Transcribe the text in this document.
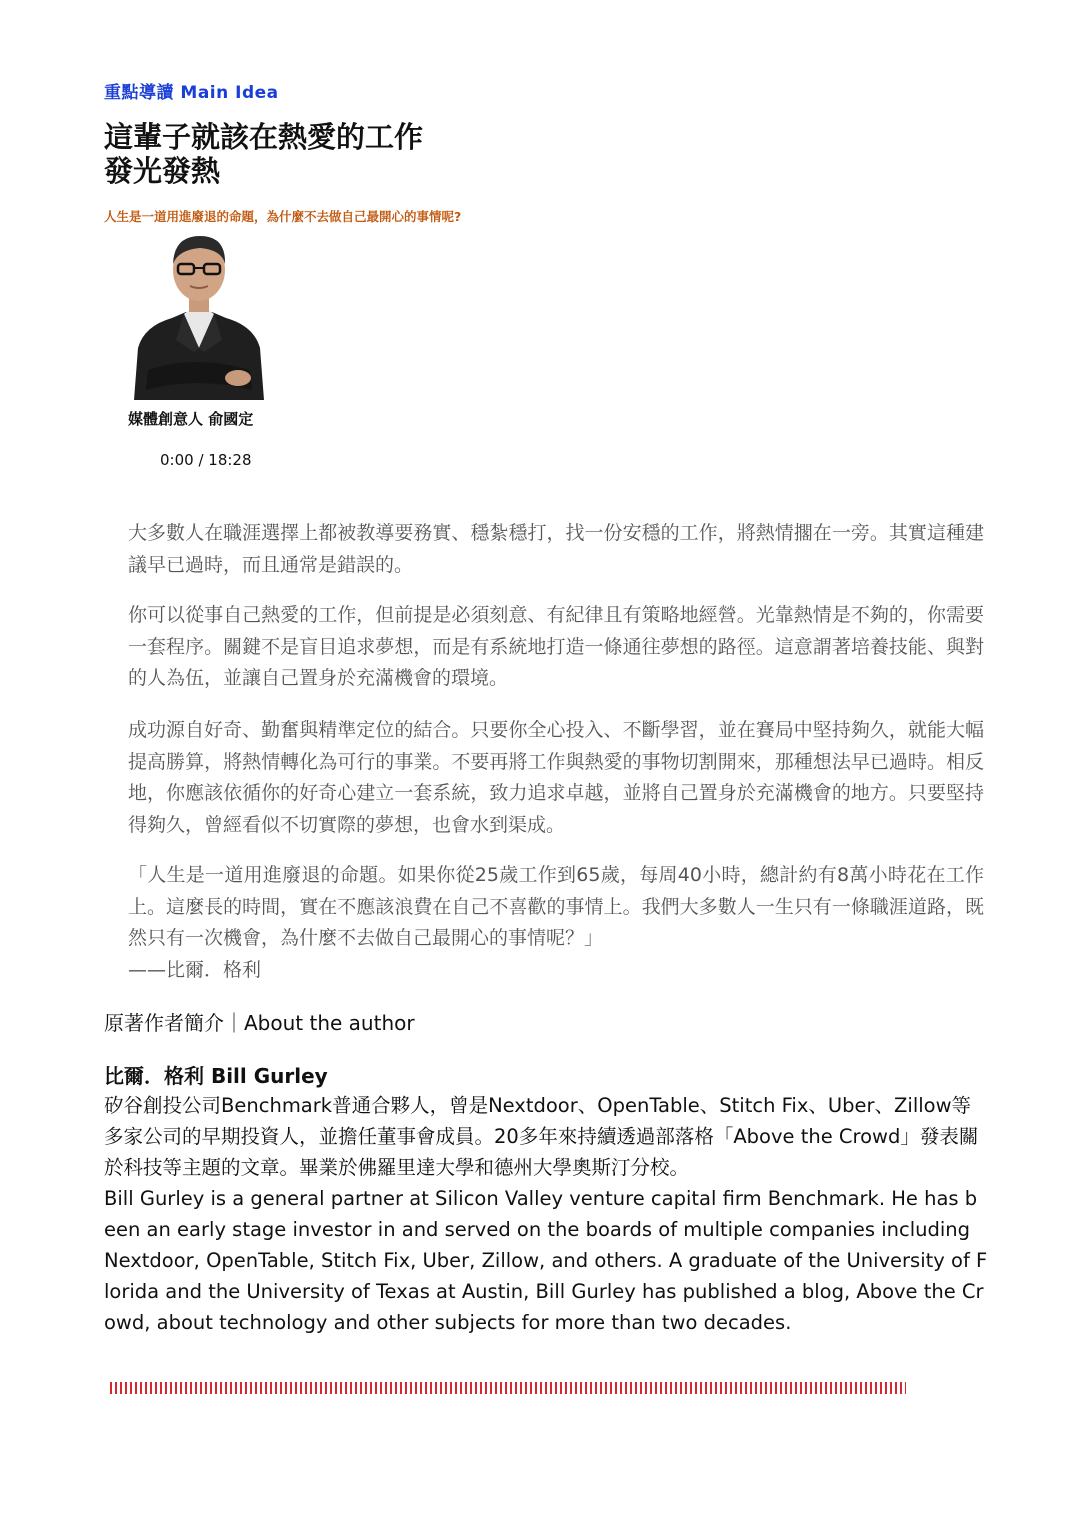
重點導讀 Main Idea
這輩子就該在熱愛的工作
發光發熱
人生是一道用進廢退的命題，為什麼不去做自己最開心的事情呢?
媒體創意人 俞國定
0:00 / 18:28

大多數人在職涯選擇上都被教導要務實、穩紮穩打，找一份安穩的工作，將熱情擱在一旁。其實這種建議早已過時，而且通常是錯誤的。

你可以從事自己熱愛的工作，但前提是必須刻意、有紀律且有策略地經營。光靠熱情是不夠的，你需要一套程序。關鍵不是盲目追求夢想，而是有系統地打造一條通往夢想的路徑。這意謂著培養技能、與對的人為伍，並讓自己置身於充滿機會的環境。

成功源自好奇、勤奮與精準定位的結合。只要你全心投入、不斷學習，並在賽局中堅持夠久，就能大幅提高勝算，將熱情轉化為可行的事業。不要再將工作與熱愛的事物切割開來，那種想法早已過時。相反地，你應該依循你的好奇心建立一套系統，致力追求卓越，並將自己置身於充滿機會的地方。只要堅持得夠久，曾經看似不切實際的夢想，也會水到渠成。

「人生是一道用進廢退的命題。如果你從25歲工作到65歲，每周40小時，總計約有8萬小時花在工作上。這麼長的時間，實在不應該浪費在自己不喜歡的事情上。我們大多數人一生只有一條職涯道路，既然只有一次機會，為什麼不去做自己最開心的事情呢？」
——比爾．格利
原著作者簡介｜About the author
比爾．格利 Bill Gurley

矽谷創投公司Benchmark普通合夥人，曾是Nextdoor、OpenTable、Stitch Fix、Uber、Zillow等多家公司的早期投資人，並擔任董事會成員。20多年來持續透過部落格「Above the Crowd」發表關於科技等主題的文章。畢業於佛羅里達大學和德州大學奧斯汀分校。

Bill Gurley is a general partner at Silicon Valley venture capital firm Benchmark. He has been an early stage investor in and served on the boards of multiple companies including Nextdoor, OpenTable, Stitch Fix, Uber, Zillow, and others. A graduate of the University of Florida and the University of Texas at Austin, Bill Gurley has published a blog, Above the Crowd, about technology and other subjects for more than two decades.
